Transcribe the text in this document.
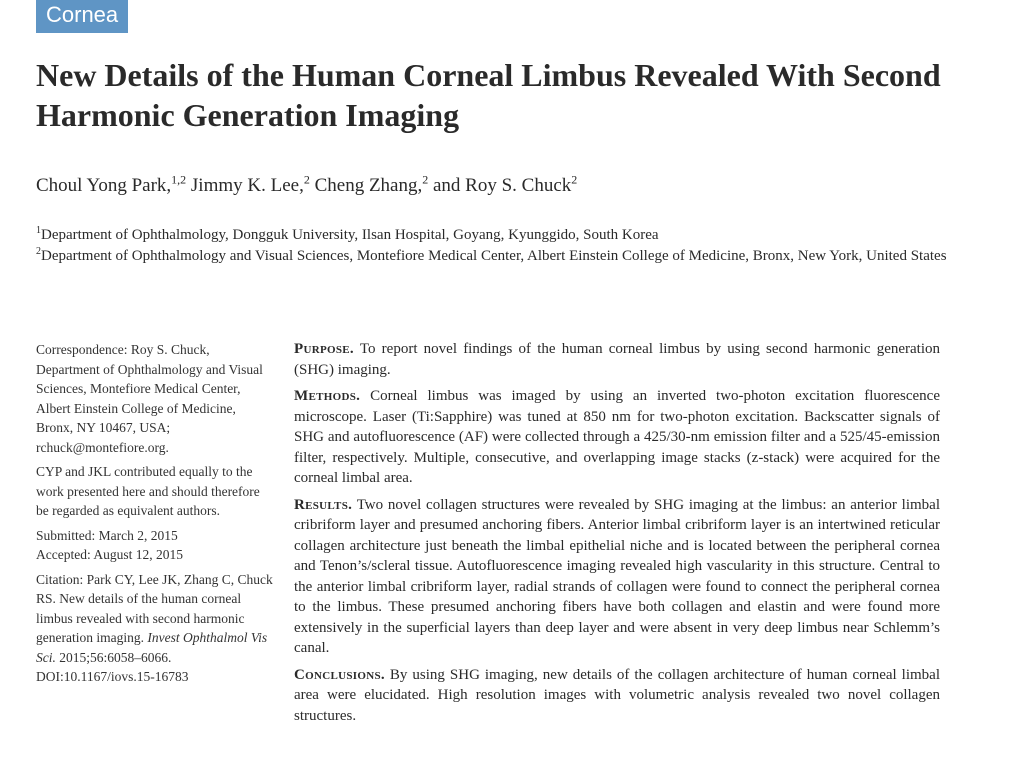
Cornea
New Details of the Human Corneal Limbus Revealed With Second Harmonic Generation Imaging
Choul Yong Park,$^{1,2}$ Jimmy K. Lee,$^2$ Cheng Zhang,$^2$ and Roy S. Chuck$^2$

$^1$Department of Ophthalmology, Dongguk University, Ilsan Hospital, Goyang, Kyunggido, South Korea

$^2$Department of Ophthalmology and Visual Sciences, Montefiore Medical Center, Albert Einstein College of Medicine, Bronx, New York, United States

Correspondence: Roy S. Chuck, Department of Ophthalmology and Visual Sciences, Montefiore Medical Center, Albert Einstein College of Medicine, Bronx, NY 10467, USA; rchuck@montefiore.org.

CYP and JKL contributed equally to the work presented here and should therefore be regarded as equivalent authors.

Submitted: March 2, 2015

Accepted: August 12, 2015

Citation: Park CY, Lee JK, Zhang C, Chuck RS. New details of the human corneal limbus revealed with second harmonic generation imaging. Invest Ophthalmol Vis Sci. 2015;56:6058–6066. DOI:10.1167/iovs.15-16783

Purpose. To report novel findings of the human corneal limbus by using second harmonic generation (SHG) imaging.

Methods. Corneal limbus was imaged by using an inverted two-photon excitation fluorescence microscope. Laser (Ti:Sapphire) was tuned at 850 nm for two-photon excitation. Backscatter signals of SHG and autofluorescence (AF) were collected through a 425/30-nm emission filter and a 525/45-emission filter, respectively. Multiple, consecutive, and overlapping image stacks (z-stack) were acquired for the corneal limbal area.

Results. Two novel collagen structures were revealed by SHG imaging at the limbus: an anterior limbal cribriform layer and presumed anchoring fibers. Anterior limbal cribriform layer is an intertwined reticular collagen architecture just beneath the limbal epithelial niche and is located between the peripheral cornea and Tenon’s/scleral tissue. Autofluorescence imaging revealed high vascularity in this structure. Central to the anterior limbal cribriform layer, radial strands of collagen were found to connect the peripheral cornea to the limbus. These presumed anchoring fibers have both collagen and elastin and were found more extensively in the superficial layers than deep layer and were absent in very deep limbus near Schlemm’s canal.

Conclusions. By using SHG imaging, new details of the collagen architecture of human corneal limbal area were elucidated. High resolution images with volumetric analysis revealed two novel collagen structures.
